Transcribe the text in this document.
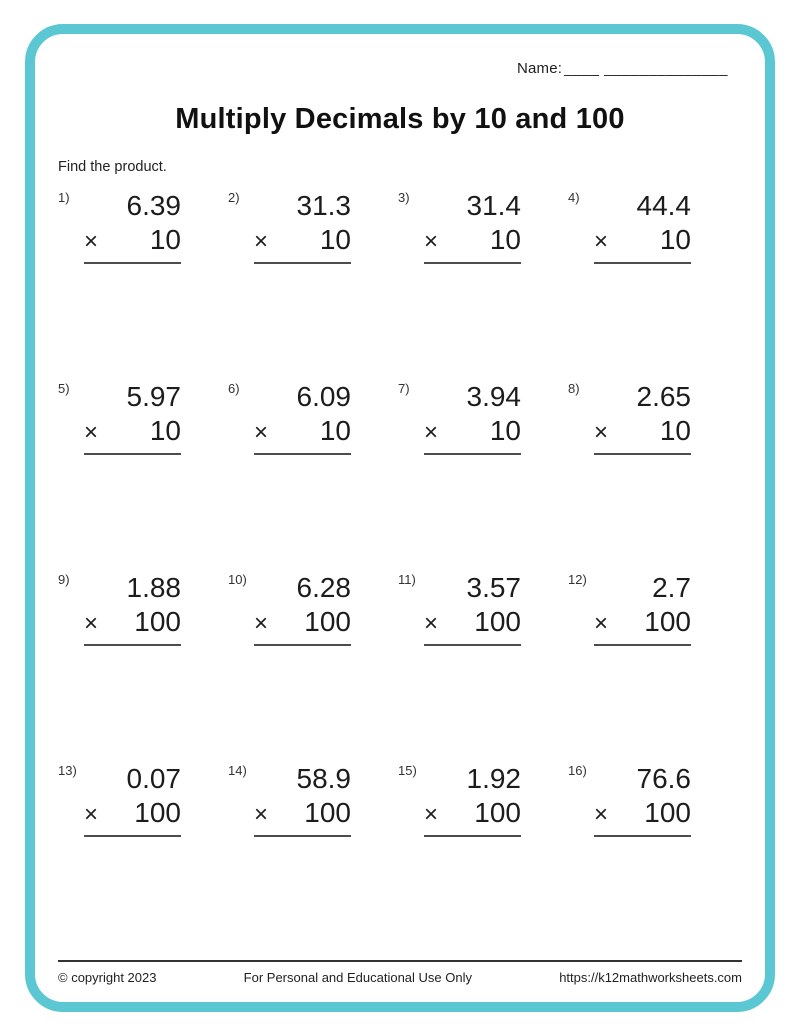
Name: ____ ______________
Multiply Decimals by 10 and 100
Find the product.
1)	6.39
× 10
2)	31.3
× 10
3)	31.4
× 10
4)	44.4
× 10
5)	5.97
× 10
6)	6.09
× 10
7)	3.94
× 10
8)	2.65
× 10
9)	1.88
× 100
10)	6.28
× 100
11)	3.57
× 100
12)	2.7
× 100
13)	0.07
× 100
14)	58.9
× 100
15)	1.92
× 100
16)	76.6
× 100
© copyright 2023	For Personal and Educational Use Only	https://k12mathworksheets.com
